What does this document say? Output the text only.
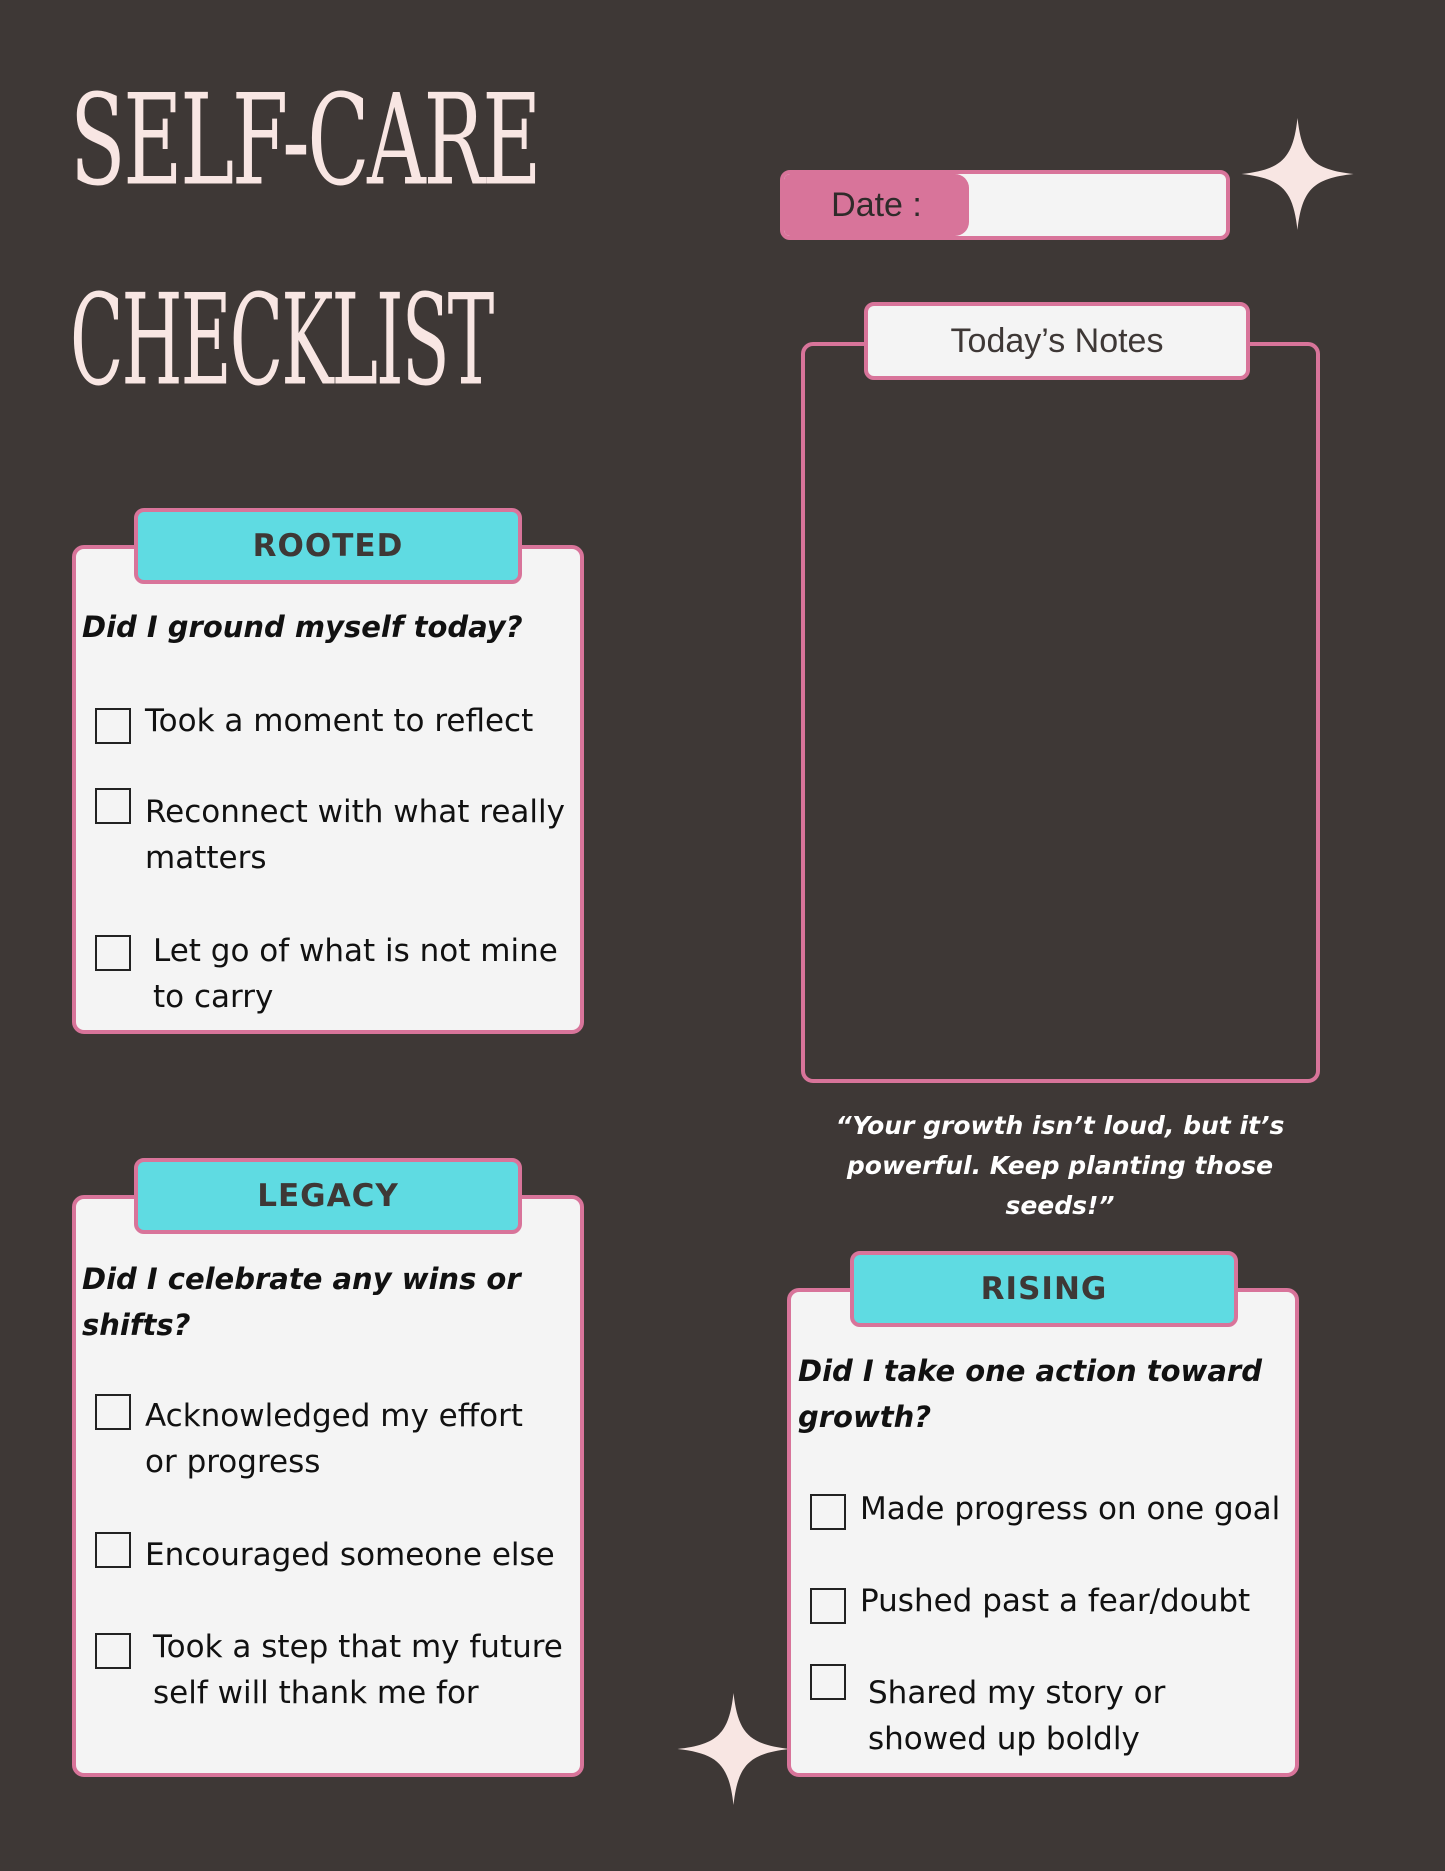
SELF-CARE
CHECKLIST
Date :
Today’s Notes
“Your growth isn’t loud, but it’s powerful. Keep planting those seeds!”
ROOTED
Did I ground myself today?
Took a moment to reflect
Reconnect with what really matters
Let go of what is not mine to carry
LEGACY
Did I celebrate any wins or shifts?
Acknowledged my effort or progress
Encouraged someone else
Took a step that my future self will thank me for
RISING
Did I take one action toward growth?
Made progress on one goal
Pushed past a fear/doubt
Shared my story or showed up boldly
